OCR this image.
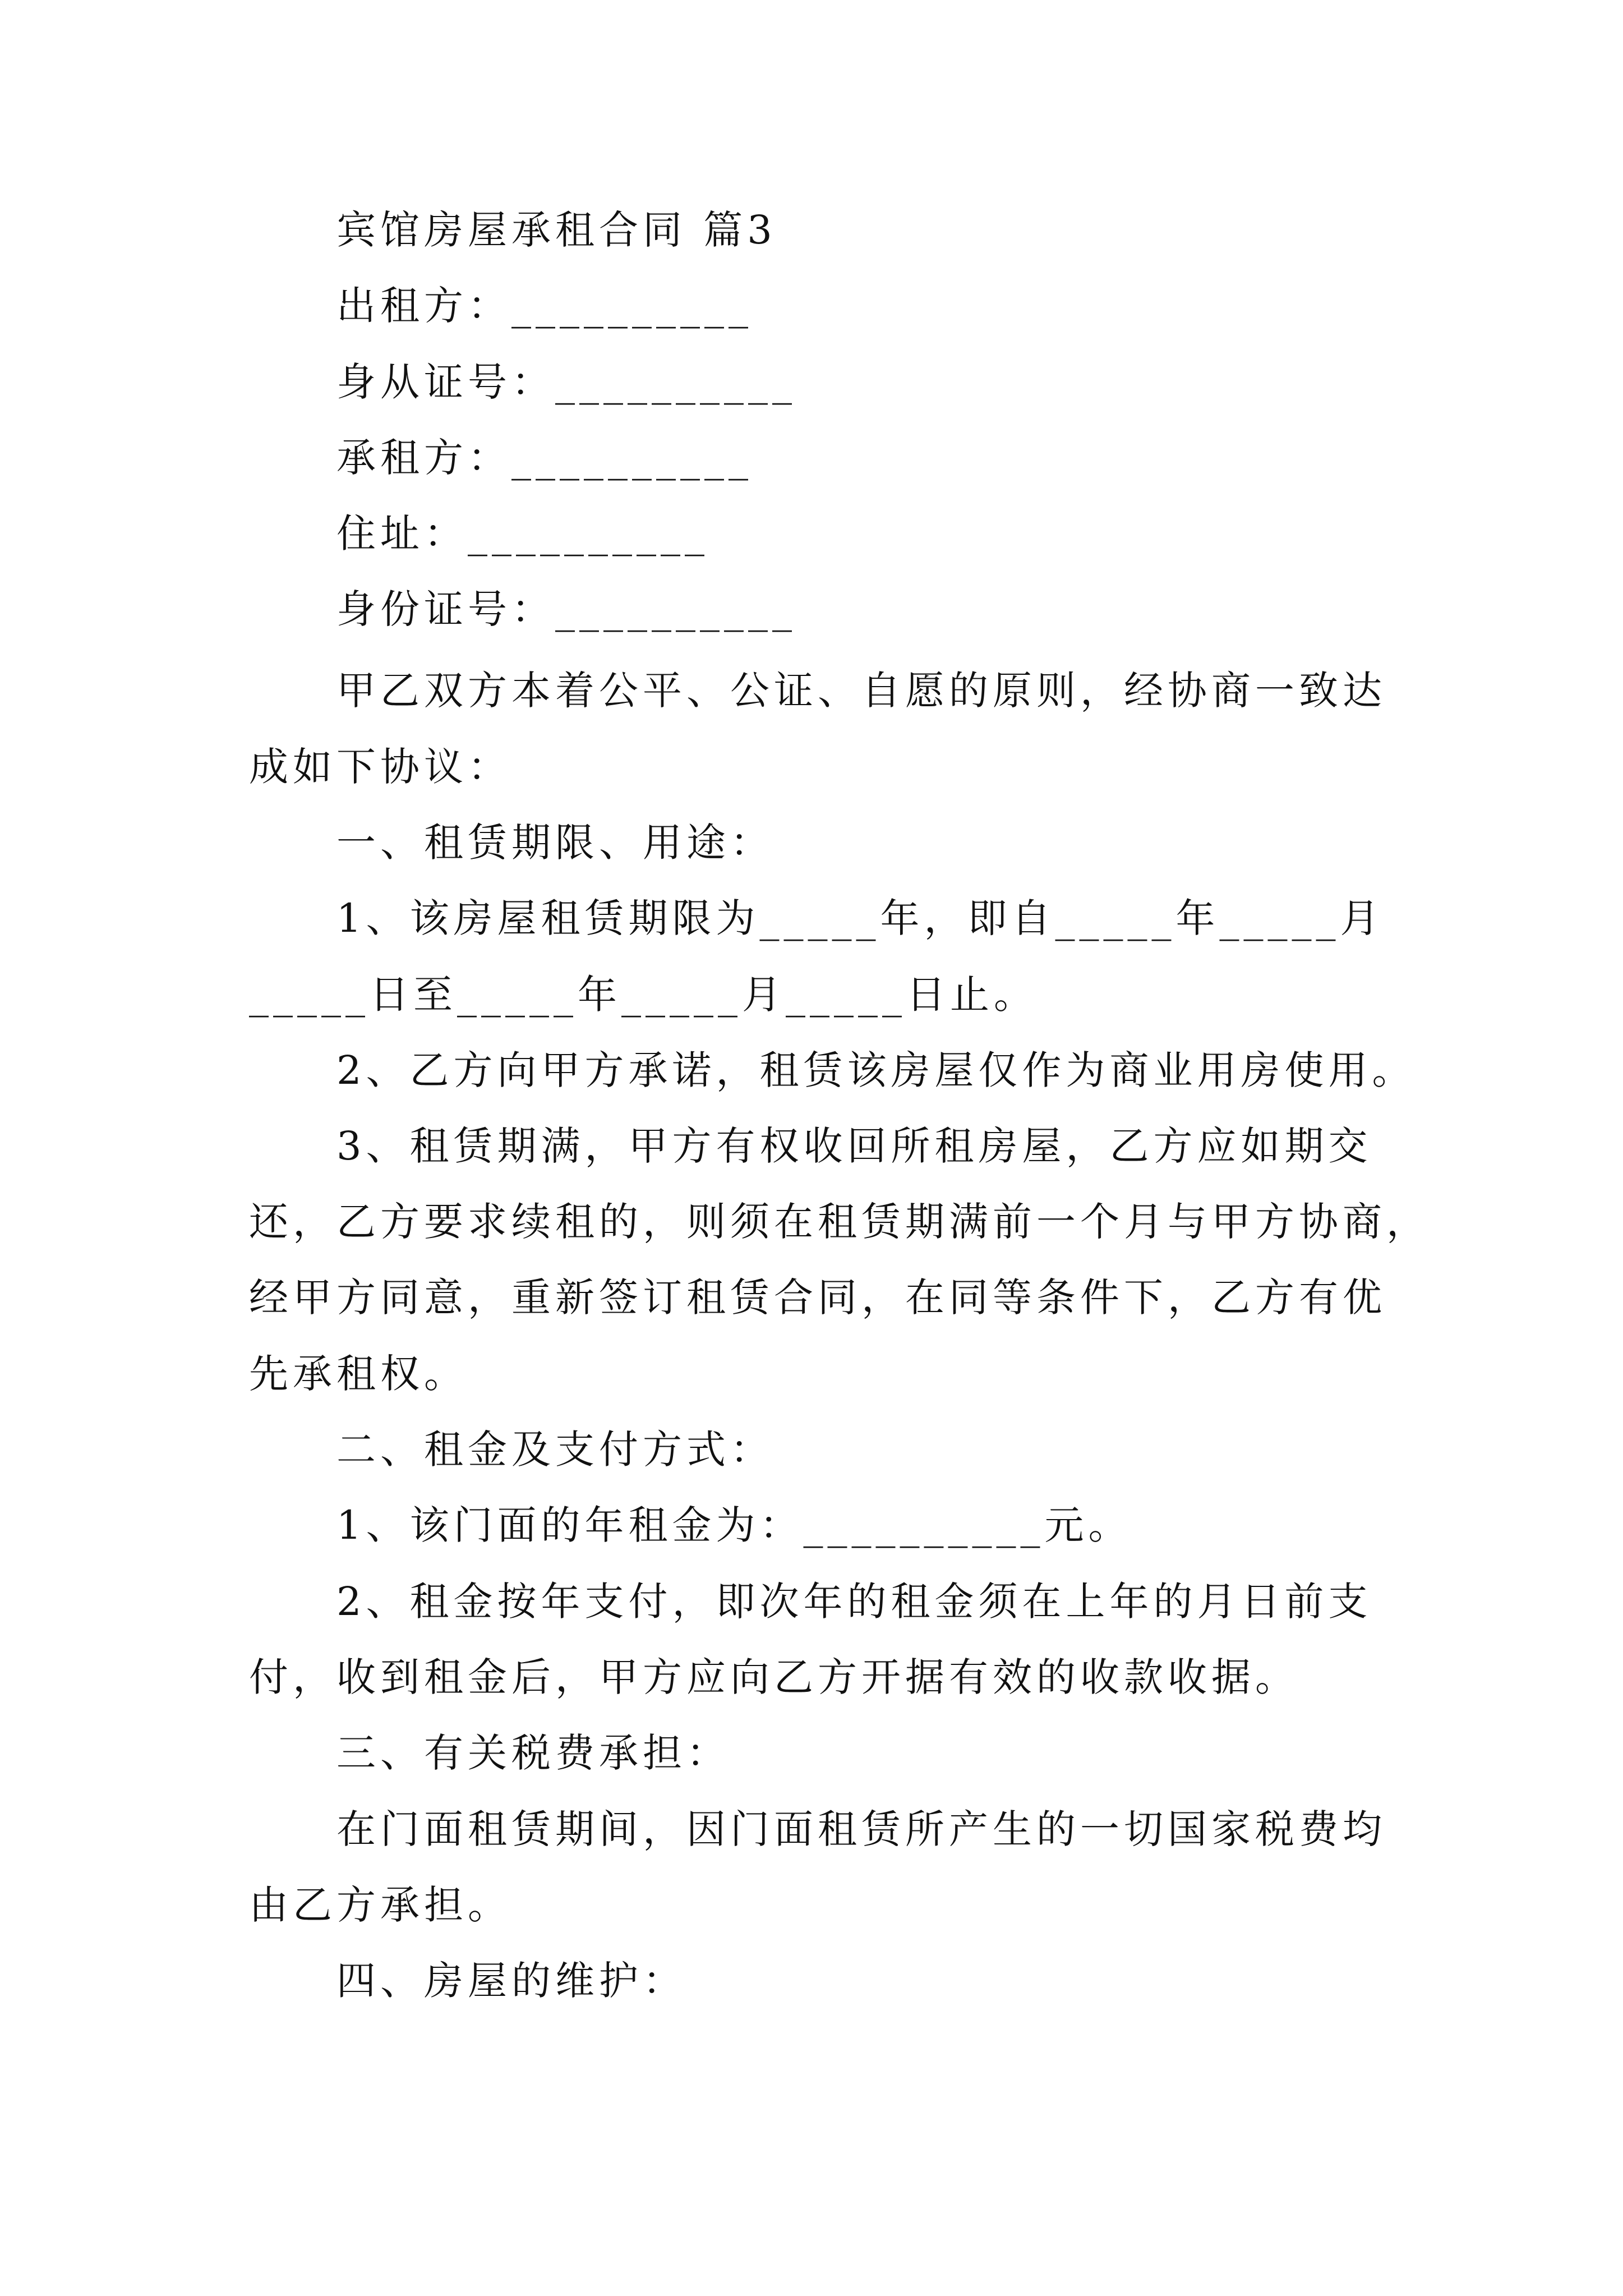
宾馆房屋承租合同 篇3
出租方：__________
身从证号：__________
承租方：__________
住址：__________
身份证号：__________
甲乙双方本着公平、公证、自愿的原则，经协商一致达
成如下协议：
一、租赁期限、用途：
1、该房屋租赁期限为_____年，即自_____年_____月
_____日至_____年_____月_____日止。
2、乙方向甲方承诺，租赁该房屋仅作为商业用房使用。
3、租赁期满，甲方有权收回所租房屋，乙方应如期交
还，乙方要求续租的，则须在租赁期满前一个月与甲方协商，
经甲方同意，重新签订租赁合同，在同等条件下，乙方有优
先承租权。
二、租金及支付方式：
1、该门面的年租金为：__________元。
2、租金按年支付，即次年的租金须在上年的月日前支
付，收到租金后，甲方应向乙方开据有效的收款收据。
三、有关税费承担：
在门面租赁期间，因门面租赁所产生的一切国家税费均
由乙方承担。
四、房屋的维护：
